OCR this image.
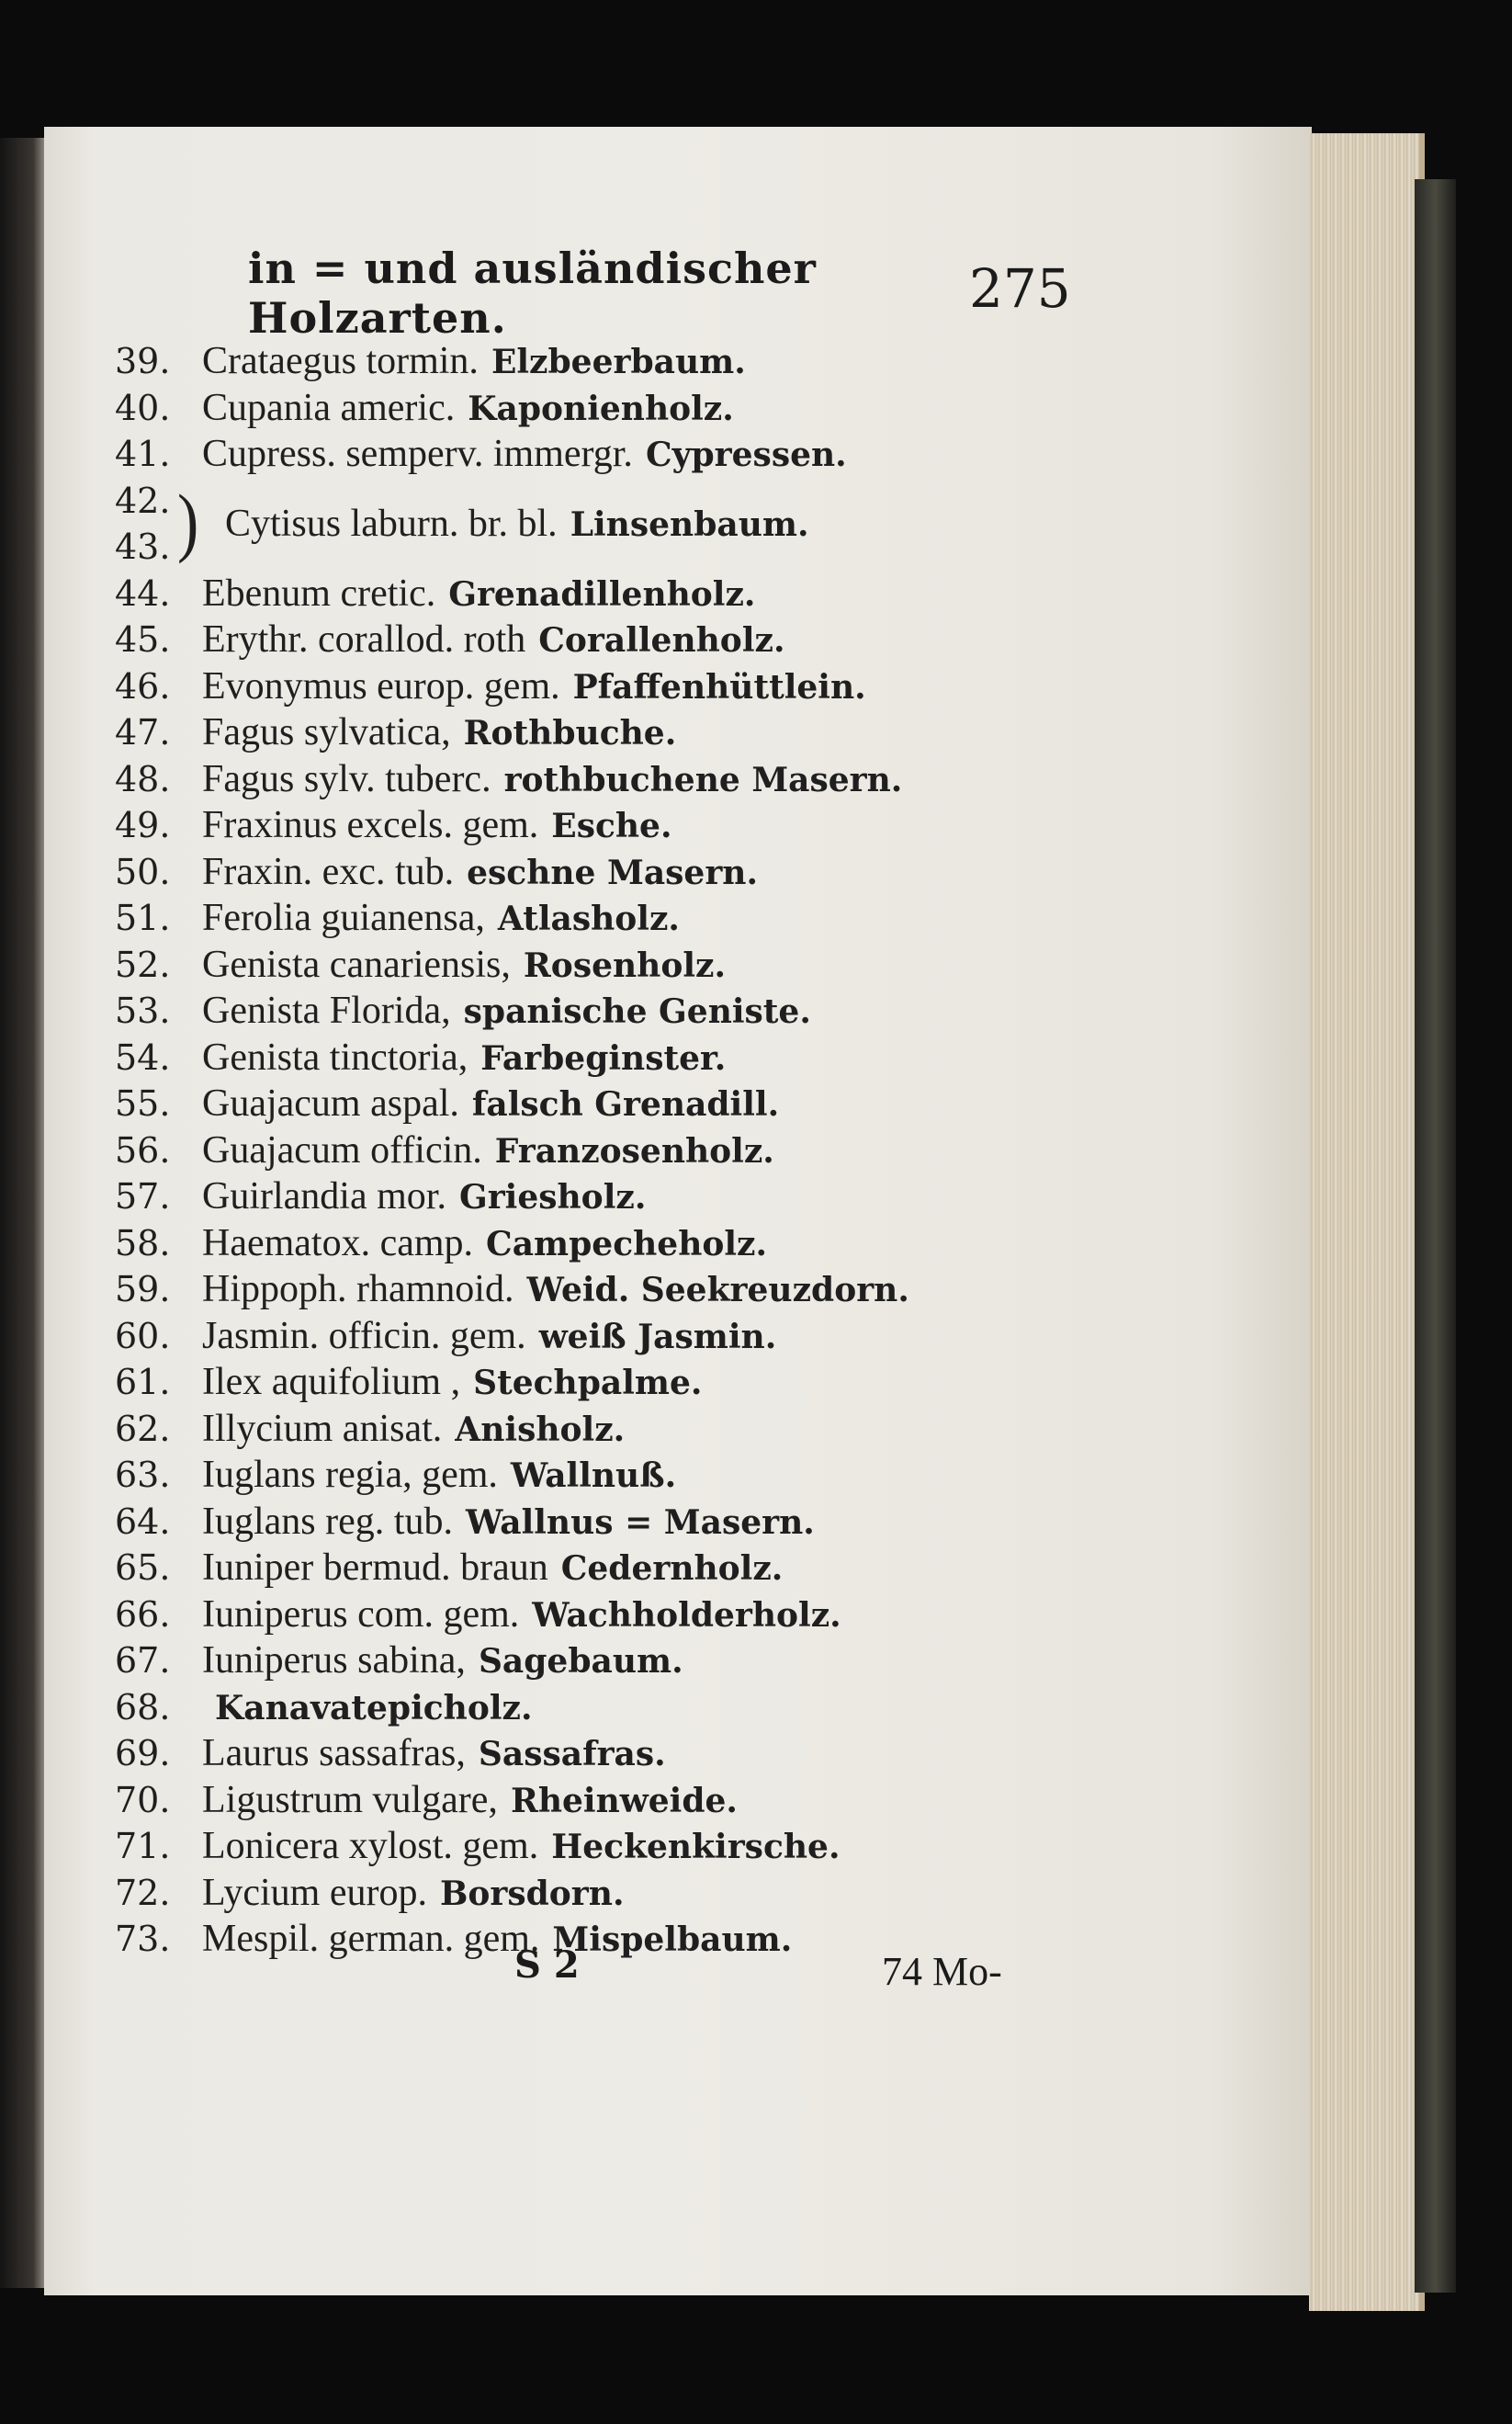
in = und ausländischer Holzarten.	275
39. Crataegus tormin. Elzbeerbaum.
40. Cupania americ. Kaponienholz.
41. Cupress. semperv. immergr. Cypressen.
42.
43. ) Cytisus laburn. br. bl. Linsenbaum.
44. Ebenum cretic. Grenadillenholz.
45. Erythr. corallod. roth Corallenholz.
46. Evonymus europ. gem. Pfaffenhüttlein.
47. Fagus sylvatica, Rothbuche.
48. Fagus sylv. tuberc. rothbuchene Masern.
49. Fraxinus excels. gem. Esche.
50. Fraxin. exc. tub. eschne Masern.
51. Ferolia guianensa, Atlasholz.
52. Genista canariensis, Rosenholz.
53. Genista Florida, spanische Geniste.
54. Genista tinctoria, Farbeginster.
55. Guajacum aspal. falsch Grenadill.
56. Guajacum officin. Franzosenholz.
57. Guirlandia mor. Griesholz.
58. Haematox. camp. Campecheholz.
59. Hippoph. rhamnoid. Weid. Seekreuzdorn.
60. Jasmin. officin. gem. weiß Jasmin.
61. Ilex aquifolium , Stechpalme.
62. Illycium anisat. Anisholz.
63. Iuglans regia, gem. Wallnuß.
64. Iuglans reg. tub. Wallnus = Masern.
65. Iuniper bermud. braun Cedernholz.
66. Iuniperus com. gem. Wachholderholz.
67. Iuniperus sabina, Sagebaum.
68. Kanavatepicholz.
69. Laurus sassafras, Sassafras.
70. Ligustrum vulgare, Rheinweide.
71. Lonicera xylost. gem. Heckenkirsche.
72. Lycium europ. Borsdorn.
73. Mespil. german. gem. Mispelbaum.
S 2	74 Mo-
